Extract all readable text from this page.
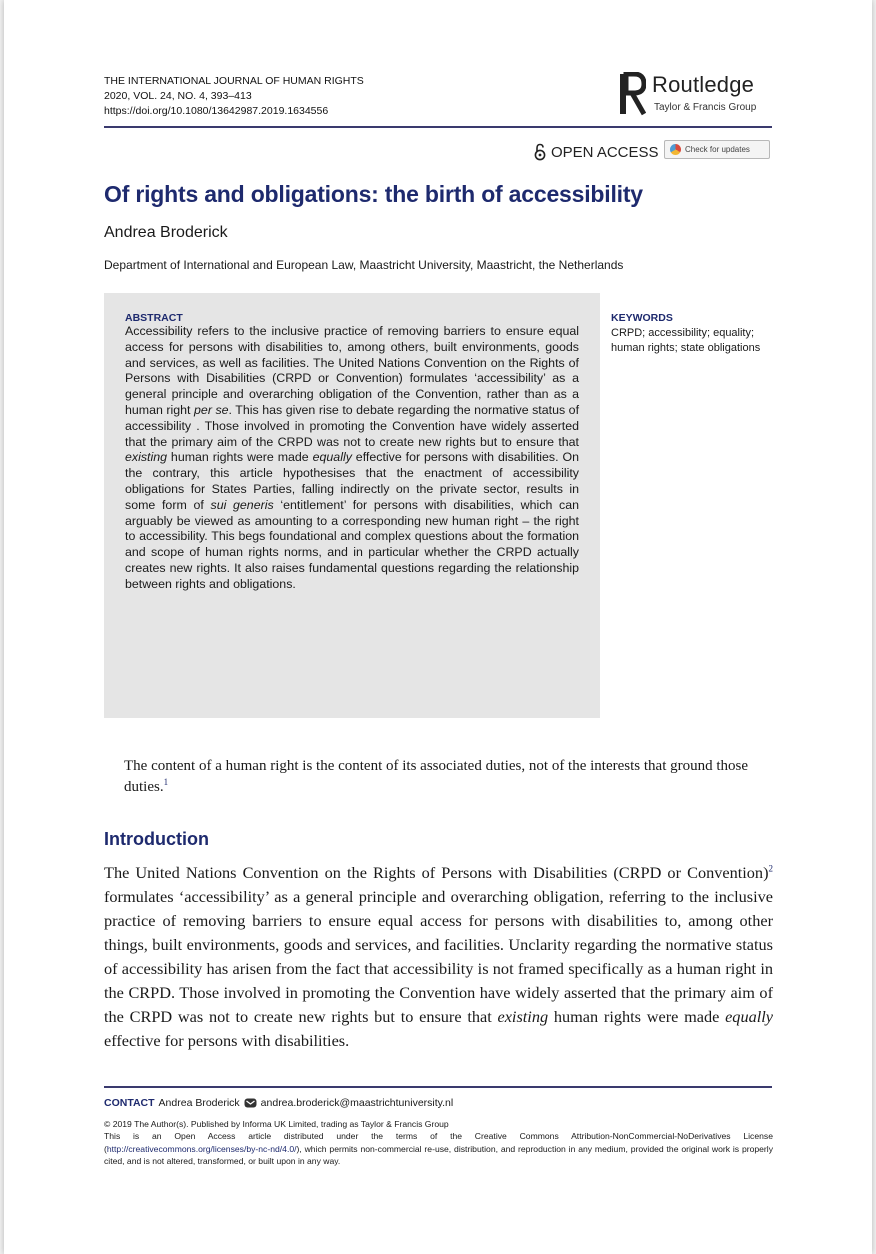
THE INTERNATIONAL JOURNAL OF HUMAN RIGHTS
2020, VOL. 24, NO. 4, 393–413
https://doi.org/10.1080/13642987.2019.1634556
Routledge
Taylor & Francis Group
OPEN ACCESS	Check for updates
Of rights and obligations: the birth of accessibility
Andrea Broderick
Department of International and European Law, Maastricht University, Maastricht, the Netherlands
ABSTRACT
Accessibility refers to the inclusive practice of removing barriers to ensure equal access for persons with disabilities to, among others, built environments, goods and services, as well as facilities. The United Nations Convention on the Rights of Persons with Disabilities (CRPD or Convention) formulates ‘accessibility’ as a general principle and overarching obligation of the Convention, rather than as a human right per se. This has given rise to debate regarding the normative status of accessibility . Those involved in promoting the Convention have widely asserted that the primary aim of the CRPD was not to create new rights but to ensure that existing human rights were made equally effective for persons with disabilities. On the contrary, this article hypothesises that the enactment of accessibility obligations for States Parties, falling indirectly on the private sector, results in some form of sui generis ‘entitlement’ for persons with disabilities, which can arguably be viewed as amounting to a corresponding new human right – the right to accessibility. This begs foundational and complex questions about the formation and scope of human rights norms, and in particular whether the CRPD actually creates new rights. It also raises fundamental questions regarding the relationship between rights and obligations.
KEYWORDS
CRPD; accessibility; equality; human rights; state obligations
The content of a human right is the content of its associated duties, not of the interests that ground those duties.$^1$
Introduction
The United Nations Convention on the Rights of Persons with Disabilities (CRPD or Convention)$^2$ formulates ‘accessibility’ as a general principle and overarching obligation, referring to the inclusive practice of removing barriers to ensure equal access for persons with disabilities to, among other things, built environments, goods and services, and facilities. Unclarity regarding the normative status of accessibility has arisen from the fact that accessibility is not framed specifically as a human right in the CRPD. Those involved in promoting the Convention have widely asserted that the primary aim of the CRPD was not to create new rights but to ensure that existing human rights were made equally effective for persons with disabilities.
CONTACT Andrea Broderick andrea.broderick@maastrichtuniversity.nl
© 2019 The Author(s). Published by Informa UK Limited, trading as Taylor & Francis Group
This is an Open Access article distributed under the terms of the Creative Commons Attribution-NonCommercial-NoDerivatives License (http://creativecommons.org/licenses/by-nc-nd/4.0/), which permits non-commercial re-use, distribution, and reproduction in any medium, provided the original work is properly cited, and is not altered, transformed, or built upon in any way.
